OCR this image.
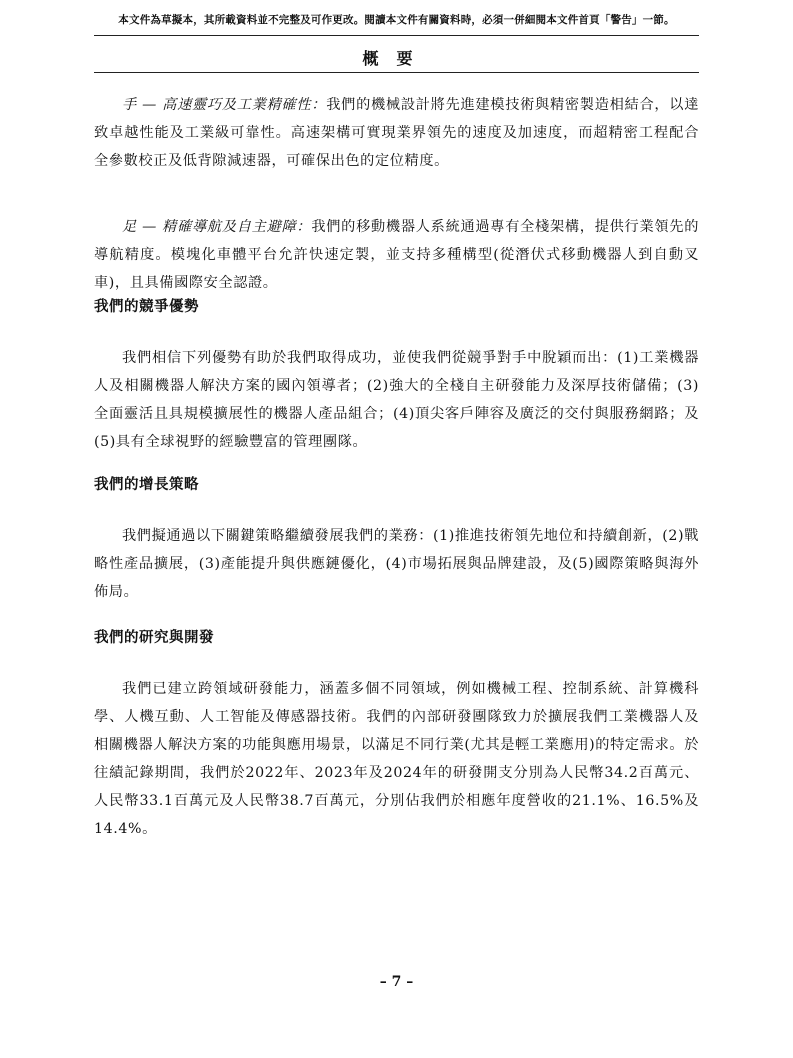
本文件為草擬本，其所載資料並不完整及可作更改。閱讀本文件有關資料時，必須一併細閱本文件首頁「警告」一節。
概要

手 — 高速靈巧及工業精確性：我們的機械設計將先進建模技術與精密製造相結合，以達致卓越性能及工業級可靠性。高速架構可實現業界領先的速度及加速度，而超精密工程配合全參數校正及低背隙減速器，可確保出色的定位精度。

足 — 精確導航及自主避障：我們的移動機器人系統通過專有全棧架構，提供行業領先的導航精度。模塊化車體平台允許快速定製，並支持多種構型(從潛伏式移動機器人到自動叉車)，且具備國際安全認證。

我們的競爭優勢

我們相信下列優勢有助於我們取得成功，並使我們從競爭對手中脫穎而出：(1)工業機器人及相關機器人解決方案的國內領導者；(2)強大的全棧自主研發能力及深厚技術儲備；(3)全面靈活且具規模擴展性的機器人產品組合；(4)頂尖客戶陣容及廣泛的交付與服務網路；及(5)具有全球視野的經驗豐富的管理團隊。

我們的增長策略

我們擬通過以下關鍵策略繼續發展我們的業務：(1)推進技術領先地位和持續創新，(2)戰略性產品擴展，(3)產能提升與供應鏈優化，(4)市場拓展與品牌建設，及(5)國際策略與海外佈局。

我們的研究與開發

我們已建立跨領域研發能力，涵蓋多個不同領域，例如機械工程、控制系統、計算機科學、人機互動、人工智能及傳感器技術。我們的內部研發團隊致力於擴展我們工業機器人及相關機器人解決方案的功能與應用場景，以滿足不同行業(尤其是輕工業應用)的特定需求。於往績記錄期間，我們於2022年、2023年及2024年的研發開支分別為人民幣34.2百萬元、人民幣33.1百萬元及人民幣38.7百萬元，分別佔我們於相應年度營收的21.1%、16.5%及14.4%。

– 7 –
